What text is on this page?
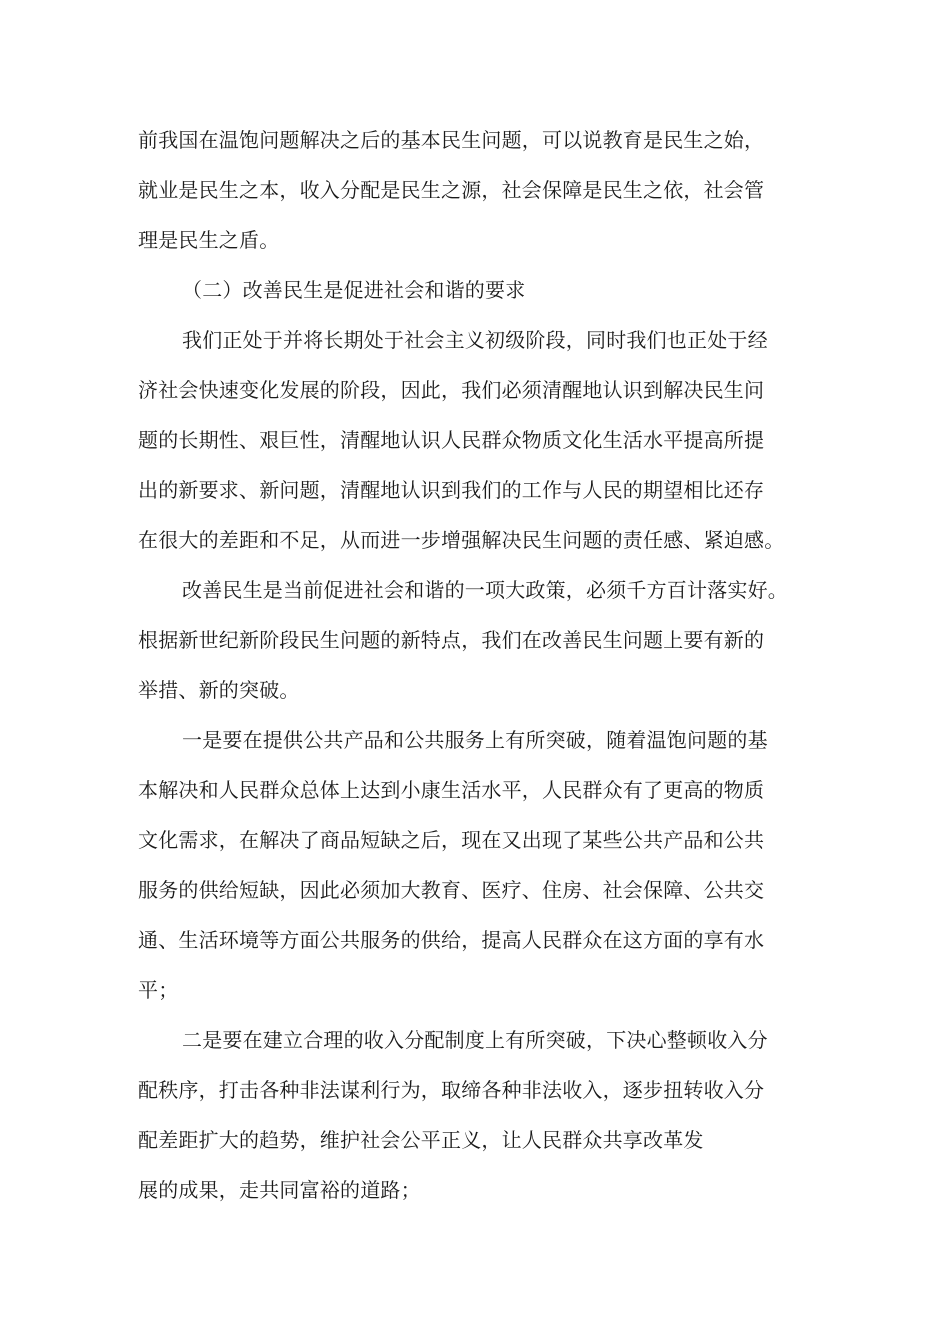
前我国在温饱问题解决之后的基本民生问题，可以说教育是民生之始，

就业是民生之本，收入分配是民生之源，社会保障是民生之依，社会管

理是民生之盾。

（二）改善民生是促进社会和谐的要求

我们正处于并将长期处于社会主义初级阶段，同时我们也正处于经

济社会快速变化发展的阶段，因此，我们必须清醒地认识到解决民生问

题的长期性、艰巨性，清醒地认识人民群众物质文化生活水平提高所提

出的新要求、新问题，清醒地认识到我们的工作与人民的期望相比还存

在很大的差距和不足，从而进一步增强解决民生问题的责任感、紧迫感。

改善民生是当前促进社会和谐的一项大政策，必须千方百计落实好。

根据新世纪新阶段民生问题的新特点，我们在改善民生问题上要有新的

举措、新的突破。

一是要在提供公共产品和公共服务上有所突破，随着温饱问题的基

本解决和人民群众总体上达到小康生活水平，人民群众有了更高的物质

文化需求，在解决了商品短缺之后，现在又出现了某些公共产品和公共

服务的供给短缺，因此必须加大教育、医疗、住房、社会保障、公共交

通、生活环境等方面公共服务的供给，提高人民群众在这方面的享有水

平；

二是要在建立合理的收入分配制度上有所突破，下决心整顿收入分

配秩序，打击各种非法谋利行为，取缔各种非法收入，逐步扭转收入分

配差距扩大的趋势，维护社会公平正义，让人民群众共享改革发

展的成果，走共同富裕的道路；
